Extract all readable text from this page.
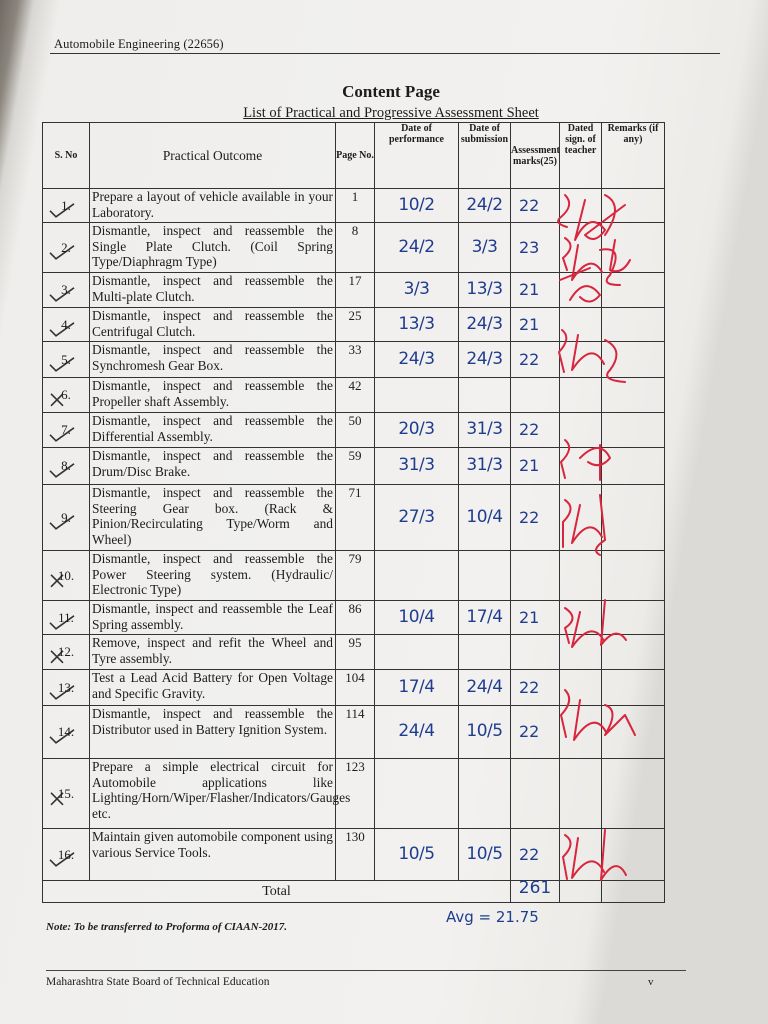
Automobile Engineering (22656)
Content Page
List of Practical and Progressive Assessment Sheet
S. No	Practical Outcome	Page No.	Date of performance	Date of submission	Assessment marks(25)	Dated sign. of teacher	Remarks (if any)

1.	Prepare a layout of vehicle available in your Laboratory.	1	10/2	24/2	22		

2.	Dismantle, inspect and reassemble the Single Plate Clutch. (Coil Spring Type/Diaphragm Type)	8	24/2	3/3	23		

3.	Dismantle, inspect and reassemble the Multi-plate Clutch.	17	3/3	13/3	21		

4.	Dismantle, inspect and reassemble the Centrifugal Clutch.	25	13/3	24/3	21		

5.	Dismantle, inspect and reassemble the Synchromesh Gear Box.	33	24/3	24/3	22		

6.	Dismantle, inspect and reassemble the Propeller shaft Assembly.	42					

7.	Dismantle, inspect and reassemble the Differential Assembly.	50	20/3	31/3	22		

8.	Dismantle, inspect and reassemble the Drum/Disc Brake.	59	31/3	31/3	21		

9.	Dismantle, inspect and reassemble the Steering Gear box. (Rack & Pinion/Recirculating Type/Worm and Wheel)	71	27/3	10/4	22		

10.	Dismantle, inspect and reassemble the Power Steering system. (Hydraulic/ Electronic Type)	79					

11.	Dismantle, inspect and reassemble the Leaf Spring assembly.	86	10/4	17/4	21		

12.	Remove, inspect and refit the Wheel and Tyre assembly.	95					

13.	Test a Lead Acid Battery for Open Voltage and Specific Gravity.	104	17/4	24/4	22		

14.	Dismantle, inspect and reassemble the Distributor used in Battery Ignition System.	114	24/4	10/5	22		

15.	Prepare a simple electrical circuit for Automobile applications like Lighting/Horn/Wiper/Flasher/Indicators/Gauges etc.	123					

16.	Maintain given automobile component using various Service Tools.	130	10/5	10/5	22		
Total					261		
Avg = 21.75
Note: To be transferred to Proforma of CIAAN-2017.
Maharashtra State Board of Technical Education	v
